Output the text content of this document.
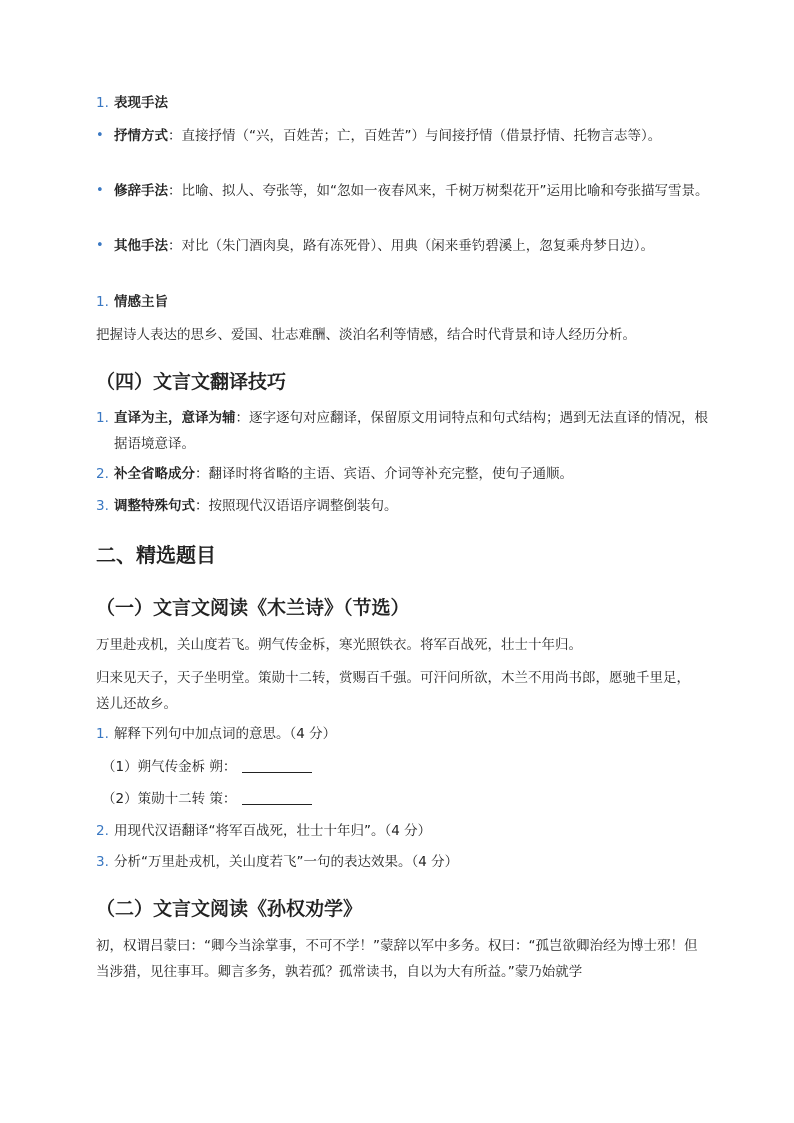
1. 表现手法
• 抒情方式：直接抒情（“兴，百姓苦；亡，百姓苦”）与间接抒情（借景抒情、托物言志等）。
• 修辞手法：比喻、拟人、夸张等，如“忽如一夜春风来，千树万树梨花开”运用比喻和夸张描写雪景。
• 其他手法：对比（朱门酒肉臭，路有冻死骨）、用典（闲来垂钓碧溪上，忽复乘舟梦日边）。
1. 情感主旨
把握诗人表达的思乡、爱国、壮志难酬、淡泊名利等情感，结合时代背景和诗人经历分析。
（四）文言文翻译技巧
1. 直译为主，意译为辅：逐字逐句对应翻译，保留原文用词特点和句式结构；遇到无法直译的情况，根据语境意译。
2. 补全省略成分：翻译时将省略的主语、宾语、介词等补充完整，使句子通顺。
3. 调整特殊句式：按照现代汉语语序调整倒装句。
二、精选题目
（一）文言文阅读《木兰诗》（节选）
万里赴戎机，关山度若飞。朔气传金柝，寒光照铁衣。将军百战死，壮士十年归。
归来见天子，天子坐明堂。策勋十二转，赏赐百千强。可汗问所欲，木兰不用尚书郎，愿驰千里足，送儿还故乡。
1. 解释下列句中加点词的意思。（4 分）
（1）朔气传金柝 朔：
（2）策勋十二转 策：
2. 用现代汉语翻译“将军百战死，壮士十年归”。（4 分）
3. 分析“万里赴戎机，关山度若飞”一句的表达效果。（4 分）
（二）文言文阅读《孙权劝学》
初，权谓吕蒙曰：“卿今当涂掌事，不可不学！”蒙辞以军中多务。权曰：“孤岂欲卿治经为博士邪！但当涉猎，见往事耳。卿言多务，孰若孤？孤常读书，自以为大有所益。”蒙乃始就学
